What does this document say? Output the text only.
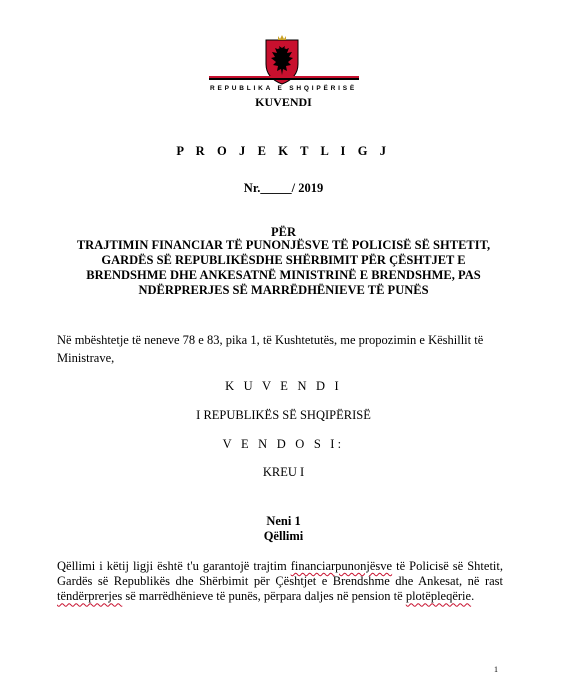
REPUBLIKA E SHQIPËRISË
KUVENDI
P R O J E K T L I G J
Nr._____/ 2019
PËR
TRAJTIMIN FINANCIAR TË PUNONJËSVE TË POLICISË SË SHTETIT,
GARDËS SË REPUBLIKËSDHE SHËRBIMIT PËR ÇËSHTJET E
BRENDSHME DHE ANKESATNË MINISTRINË E BRENDSHME, PAS
NDËRPRERJES SË MARRËDHËNIEVE TË PUNËS
Në mbështetje të neneve 78 e 83, pika 1, të Kushtetutës, me propozimin e Këshillit të Ministrave,
K U V E N D I
I REPUBLIKËS SË SHQIPËRISË
V E N D O S I:
KREU I
Neni 1
Qëllimi
Qëllimi i këtij ligji është t'u garantojë trajtim financiarpunonjësve të Policisë së Shtetit, Gardës së Republikës dhe Shërbimit për Çështjet e Brendshme dhe Ankesat, në rast tëndërprerjes së marrëdhënieve të punës, përpara daljes në pension të plotëpleqërie.
1
